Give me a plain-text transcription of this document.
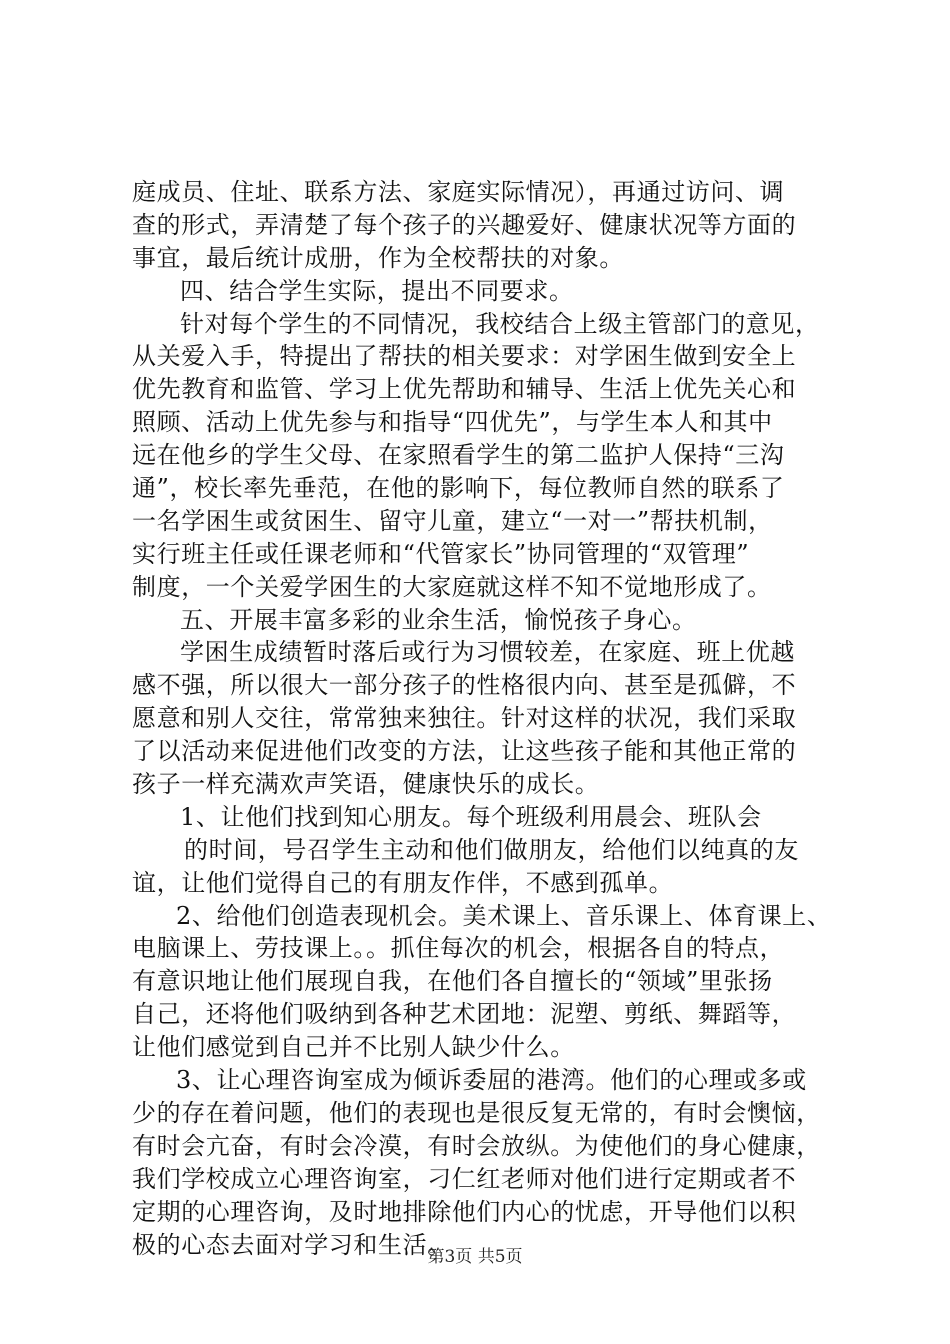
庭成员、住址、联系方法、家庭实际情况），再通过访问、调
查的形式，弄清楚了每个孩子的兴趣爱好、健康状况等方面的
事宜，最后统计成册，作为全校帮扶的对象。
四、结合学生实际，提出不同要求。
针对每个学生的不同情况，我校结合上级主管部门的意见，
从关爱入手，特提出了帮扶的相关要求：对学困生做到安全上
优先教育和监管、学习上优先帮助和辅导、生活上优先关心和
照顾、活动上优先参与和指导“四优先”，与学生本人和其中
远在他乡的学生父母、在家照看学生的第二监护人保持“三沟
通”，校长率先垂范，在他的影响下，每位教师自然的联系了
一名学困生或贫困生、留守儿童，建立“一对一”帮扶机制，
实行班主任或任课老师和“代管家长”协同管理的“双管理”
制度，一个关爱学困生的大家庭就这样不知不觉地形成了。
五、开展丰富多彩的业余生活，愉悦孩子身心。
学困生成绩暂时落后或行为习惯较差，在家庭、班上优越
感不强，所以很大一部分孩子的性格很内向、甚至是孤僻，不
愿意和别人交往，常常独来独往。针对这样的状况，我们采取
了以活动来促进他们改变的方法，让这些孩子能和其他正常的
孩子一样充满欢声笑语，健康快乐的成长。
1、让他们找到知心朋友。每个班级利用晨会、班队会
的时间，号召学生主动和他们做朋友，给他们以纯真的友
谊，让他们觉得自己的有朋友作伴，不感到孤单。
2、给他们创造表现机会。美术课上、音乐课上、体育课上、
电脑课上、劳技课上。。抓住每次的机会，根据各自的特点，
有意识地让他们展现自我，在他们各自擅长的“领域”里张扬
自己，还将他们吸纳到各种艺术团地：泥塑、剪纸、舞蹈等，
让他们感觉到自己并不比别人缺少什么。
3、让心理咨询室成为倾诉委屈的港湾。他们的心理或多或
少的存在着问题，他们的表现也是很反复无常的，有时会懊恼，
有时会亢奋，有时会冷漠，有时会放纵。为使他们的身心健康，
我们学校成立心理咨询室，刁仁红老师对他们进行定期或者不
定期的心理咨询，及时地排除他们内心的忧虑，开导他们以积
极的心态去面对学习和生活。
第3页 共5页
